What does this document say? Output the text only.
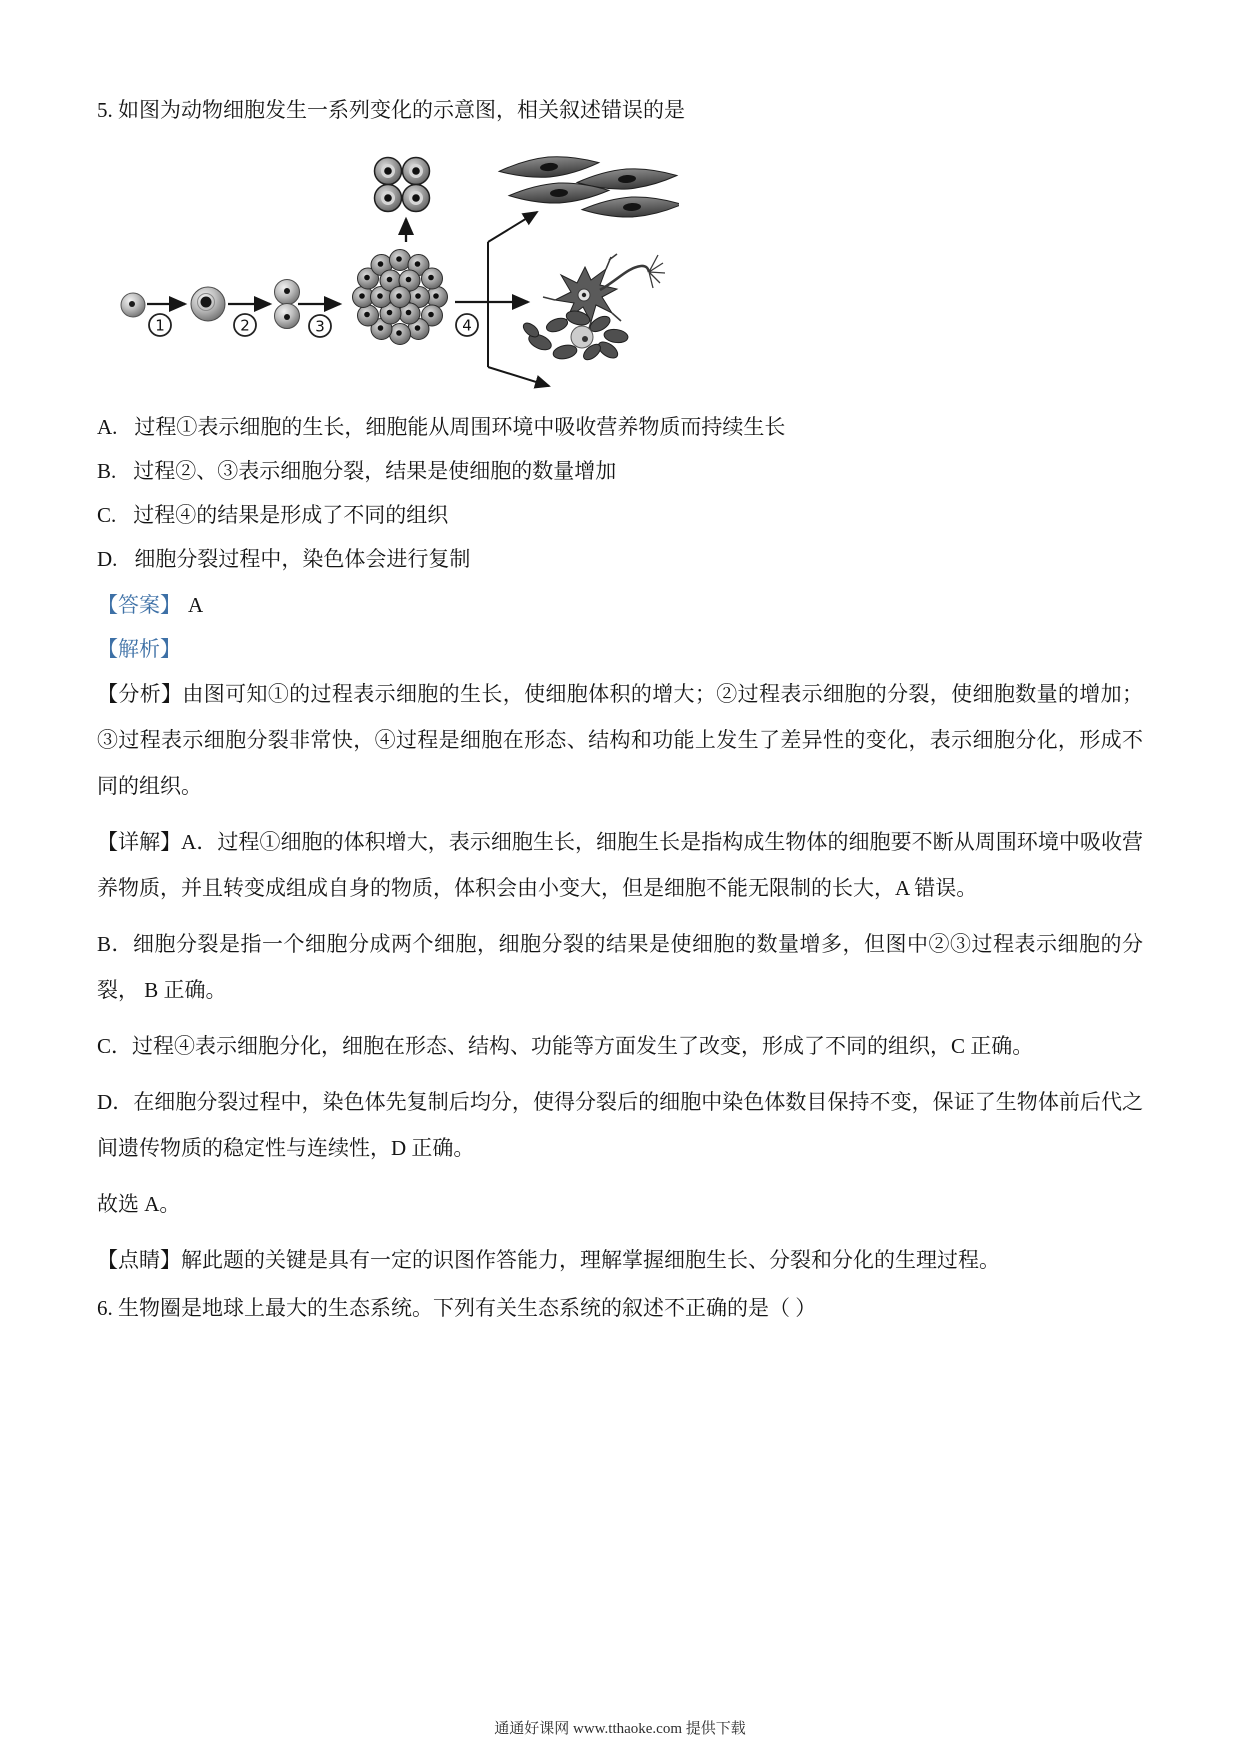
5. 如图为动物细胞发生一系列变化的示意图，相关叙述错误的是

1	2	3	4
A. 过程①表示细胞的生长，细胞能从周围环境中吸收营养物质而持续生长
B. 过程②、③表示细胞分裂，结果是使细胞的数量增加
C. 过程④的结果是形成了不同的组织
D. 细胞分裂过程中，染色体会进行复制

【答案】 A

【解析】

【分析】由图可知①的过程表示细胞的生长，使细胞体积的增大；②过程表示细胞的分裂，使细胞数量的增加；③过程表示细胞分裂非常快，④过程是细胞在形态、结构和功能上发生了差异性的变化，表示细胞分化，形成不同的组织。

【详解】A．过程①细胞的体积增大，表示细胞生长，细胞生长是指构成生物体的细胞要不断从周围环境中吸收营养物质，并且转变成组成自身的物质，体积会由小变大，但是细胞不能无限制的长大，A 错误。

B．细胞分裂是指一个细胞分成两个细胞，细胞分裂的结果是使细胞的数量增多，但图中②③过程表示细胞的分裂， B 正确。

C．过程④表示细胞分化，细胞在形态、结构、功能等方面发生了改变，形成了不同的组织，C 正确。

D．在细胞分裂过程中，染色体先复制后均分，使得分裂后的细胞中染色体数目保持不变，保证了生物体前后代之间遗传物质的稳定性与连续性，D 正确。

故选 A。

【点睛】解此题的关键是具有一定的识图作答能力，理解掌握细胞生长、分裂和分化的生理过程。

6. 生物圈是地球上最大的生态系统。下列有关生态系统的叙述不正确的是（ ）

通通好课网 www.tthaoke.com 提供下载
